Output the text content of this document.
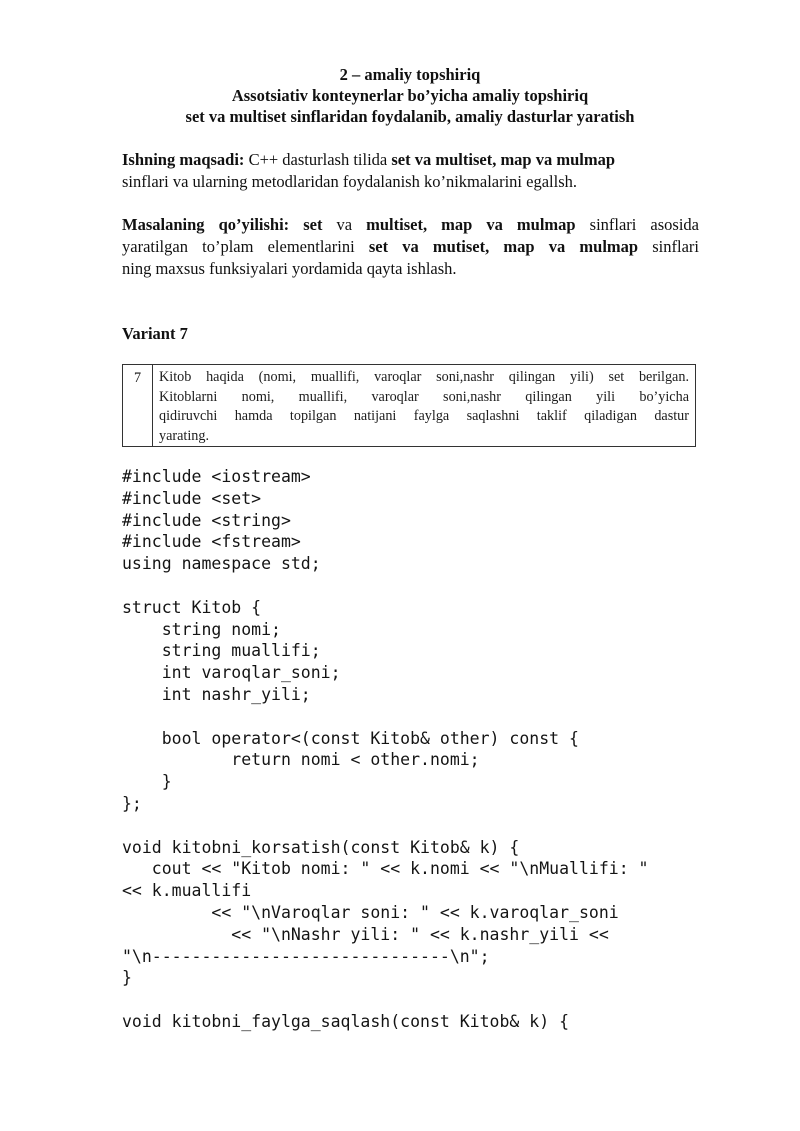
2 – amaliy topshiriq
Assotsiativ konteynerlar bo’yicha amaliy topshiriq
set va multiset sinflaridan foydalanib, amaliy dasturlar yaratish
Ishning maqsadi: C++ dasturlash tilida set va multiset, map va mulmap
sinflari va ularning metodlaridan foydalanish ko’nikmalarini egallsh.
Masalaning qo’yilishi: set va multiset, map va mulmap sinflari asosida
yaratilgan to’plam elementlarini set va mutiset, map va mulmap sinflari
ning maxsus funksiyalari yordamida qayta ishlash.
Variant 7
7	Kitob haqida (nomi, muallifi, varoqlar soni,nashr qilingan yili) set berilgan.
Kitoblarni nomi, muallifi, varoqlar soni,nashr qilingan yili bo’yicha
qidiruvchi hamda topilgan natijani faylga saqlashni taklif qiladigan dastur
yarating.
#include <iostream>
#include <set>
#include <string>
#include <fstream>
using namespace std;
struct Kitob {
string nomi;
string muallifi;
int varoqlar_soni;
int nashr_yili;
bool operator<(const Kitob& other) const {
return nomi < other.nomi;
}
};
void kitobni_korsatish(const Kitob& k) {
cout << "Kitob nomi: " << k.nomi << "\nMuallifi: "
<< k.muallifi
<< "\nVaroqlar soni: " << k.varoqlar_soni
<< "\nNashr yili: " << k.nashr_yili <<
"\n------------------------------\n";
}
void kitobni_faylga_saqlash(const Kitob& k) {
